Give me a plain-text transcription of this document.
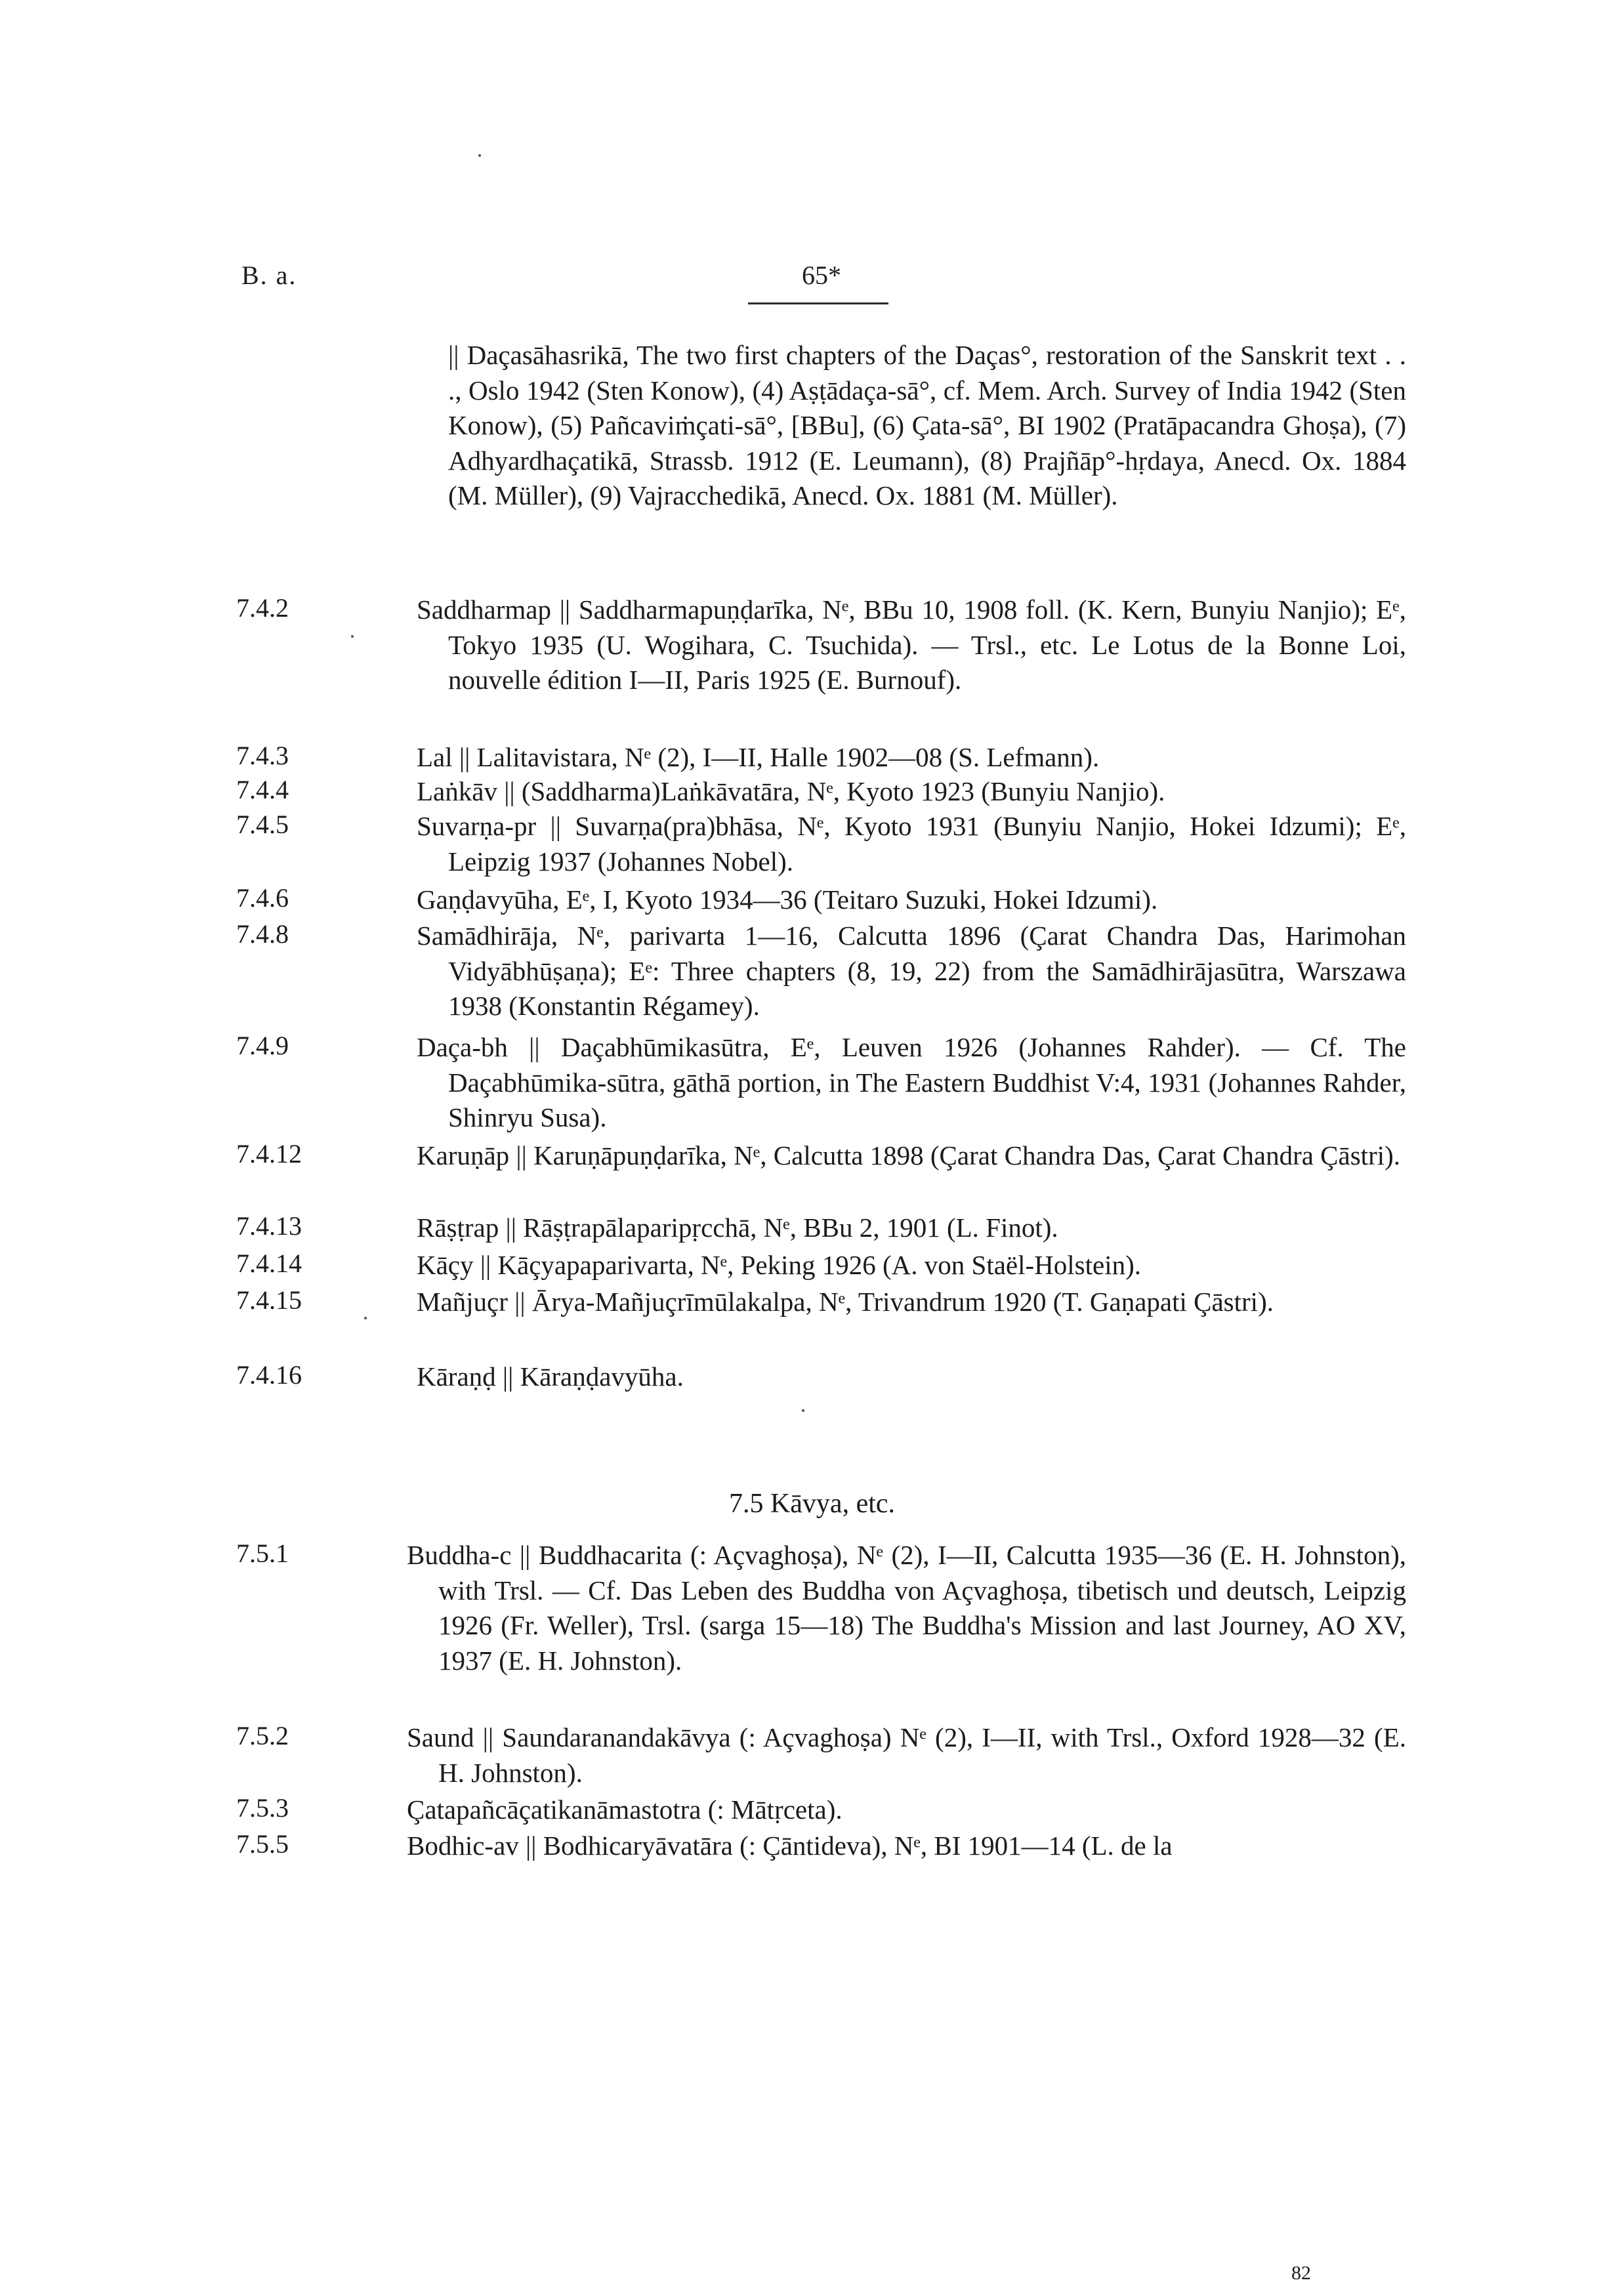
B. a.	65*
|| Daçasāhasrikā, The two first chapters of the Daças°, restoration of the Sanskrit text . . ., Oslo 1942 (Sten Konow), (4) Aṣṭādaça-sā°, cf. Mem. Arch. Survey of India 1942 (Sten Konow), (5) Pañcaviṁçati-sā°, [BBu], (6) Çata-sā°, BI 1902 (Pratāpacandra Ghoṣa), (7) Adhyardhaçatikā, Strassb. 1912 (E. Leumann), (8) Prajñāp°-hṛdaya, Anecd. Ox. 1884 (M. Müller), (9) Vajracchedikā, Anecd. Ox. 1881 (M. Müller).
7.4.2	Saddharmap || Saddharmapuṇḍarīka, Nᵉ, BBu 10, 1908 foll. (K. Kern, Bunyiu Nanjio); Eᵉ, Tokyo 1935 (U. Wogihara, C. Tsuchida). — Trsl., etc. Le Lotus de la Bonne Loi, nouvelle édition I—II, Paris 1925 (E. Burnouf).
7.4.3	Lal || Lalitavistara, Nᵉ (2), I—II, Halle 1902—08 (S. Lefmann).
7.4.4	Laṅkāv || (Saddharma)Laṅkāvatāra, Nᵉ, Kyoto 1923 (Bunyiu Nanjio).
7.4.5	Suvarṇa-pr || Suvarṇa(pra)bhāsa, Nᵉ, Kyoto 1931 (Bunyiu Nanjio, Hokei Idzumi); Eᵉ, Leipzig 1937 (Johannes Nobel).
7.4.6	Gaṇḍavyūha, Eᵉ, I, Kyoto 1934—36 (Teitaro Suzuki, Hokei Idzumi).
7.4.8	Samādhirāja, Nᵉ, parivarta 1—16, Calcutta 1896 (Çarat Chandra Das, Harimohan Vidyābhūṣaṇa); Eᵉ: Three chapters (8, 19, 22) from the Samādhirājasūtra, Warszawa 1938 (Konstantin Régamey).
7.4.9	Daça-bh || Daçabhūmikasūtra, Eᵉ, Leuven 1926 (Johannes Rahder). — Cf. The Daçabhūmika-sūtra, gāthā portion, in The Eastern Buddhist V:4, 1931 (Johannes Rahder, Shinryu Susa).
7.4.12	Karuṇāp || Karuṇāpuṇḍarīka, Nᵉ, Calcutta 1898 (Çarat Chandra Das, Çarat Chandra Çāstri).
7.4.13	Rāṣṭrap || Rāṣṭrapālaparipṛcchā, Nᵉ, BBu 2, 1901 (L. Finot).
7.4.14	Kāçy || Kāçyapaparivarta, Nᵉ, Peking 1926 (A. von Staël-Holstein).
7.4.15	Mañjuçr || Ārya-Mañjuçrīmūlakalpa, Nᵉ, Trivandrum 1920 (T. Gaṇapati Çāstri).
7.4.16	Kāraṇḍ || Kāraṇḍavyūha.
7.5 Kāvya, etc.
7.5.1	Buddha-c || Buddhacarita (: Açvaghoṣa), Nᵉ (2), I—II, Calcutta 1935—36 (E. H. Johnston), with Trsl. — Cf. Das Leben des Buddha von Açvaghoṣa, tibetisch und deutsch, Leipzig 1926 (Fr. Weller), Trsl. (sarga 15—18) The Buddha's Mission and last Journey, AO XV, 1937 (E. H. Johnston).
7.5.2	Saund || Saundaranandakāvya (: Açvaghoṣa) Nᵉ (2), I—II, with Trsl., Oxford 1928—32 (E. H. Johnston).
7.5.3	Çatapañcāçatikanāmastotra (: Mātṛceta).
7.5.5	Bodhic-av || Bodhicaryāvatāra (: Çāntideva), Nᵉ, BI 1901—14 (L. de la
82
